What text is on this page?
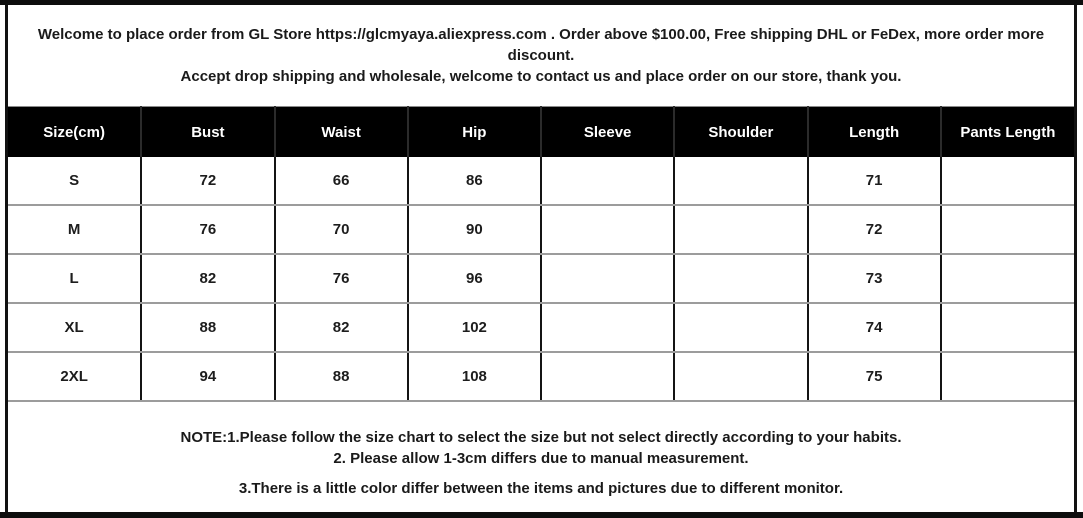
Welcome to place order from GL Store https://glcmyaya.aliexpress.com . Order above $100.00, Free shipping DHL or FeDex, more order more discount.
Accept drop shipping and wholesale, welcome to contact us and place order on our store, thank you.
Size(cm)	Bust	Waist	Hip	Sleeve	Shoulder	Length	Pants Length
S	72	66	86			71	
M	76	70	90			72	
L	82	76	96			73	
XL	88	82	102			74	
2XL	94	88	108			75	
NOTE:1.Please follow the size chart to select the size but not select directly according to your habits.
2. Please allow 1-3cm differs due to manual measurement.
3.There is a little color differ between the items and pictures due to different monitor.
